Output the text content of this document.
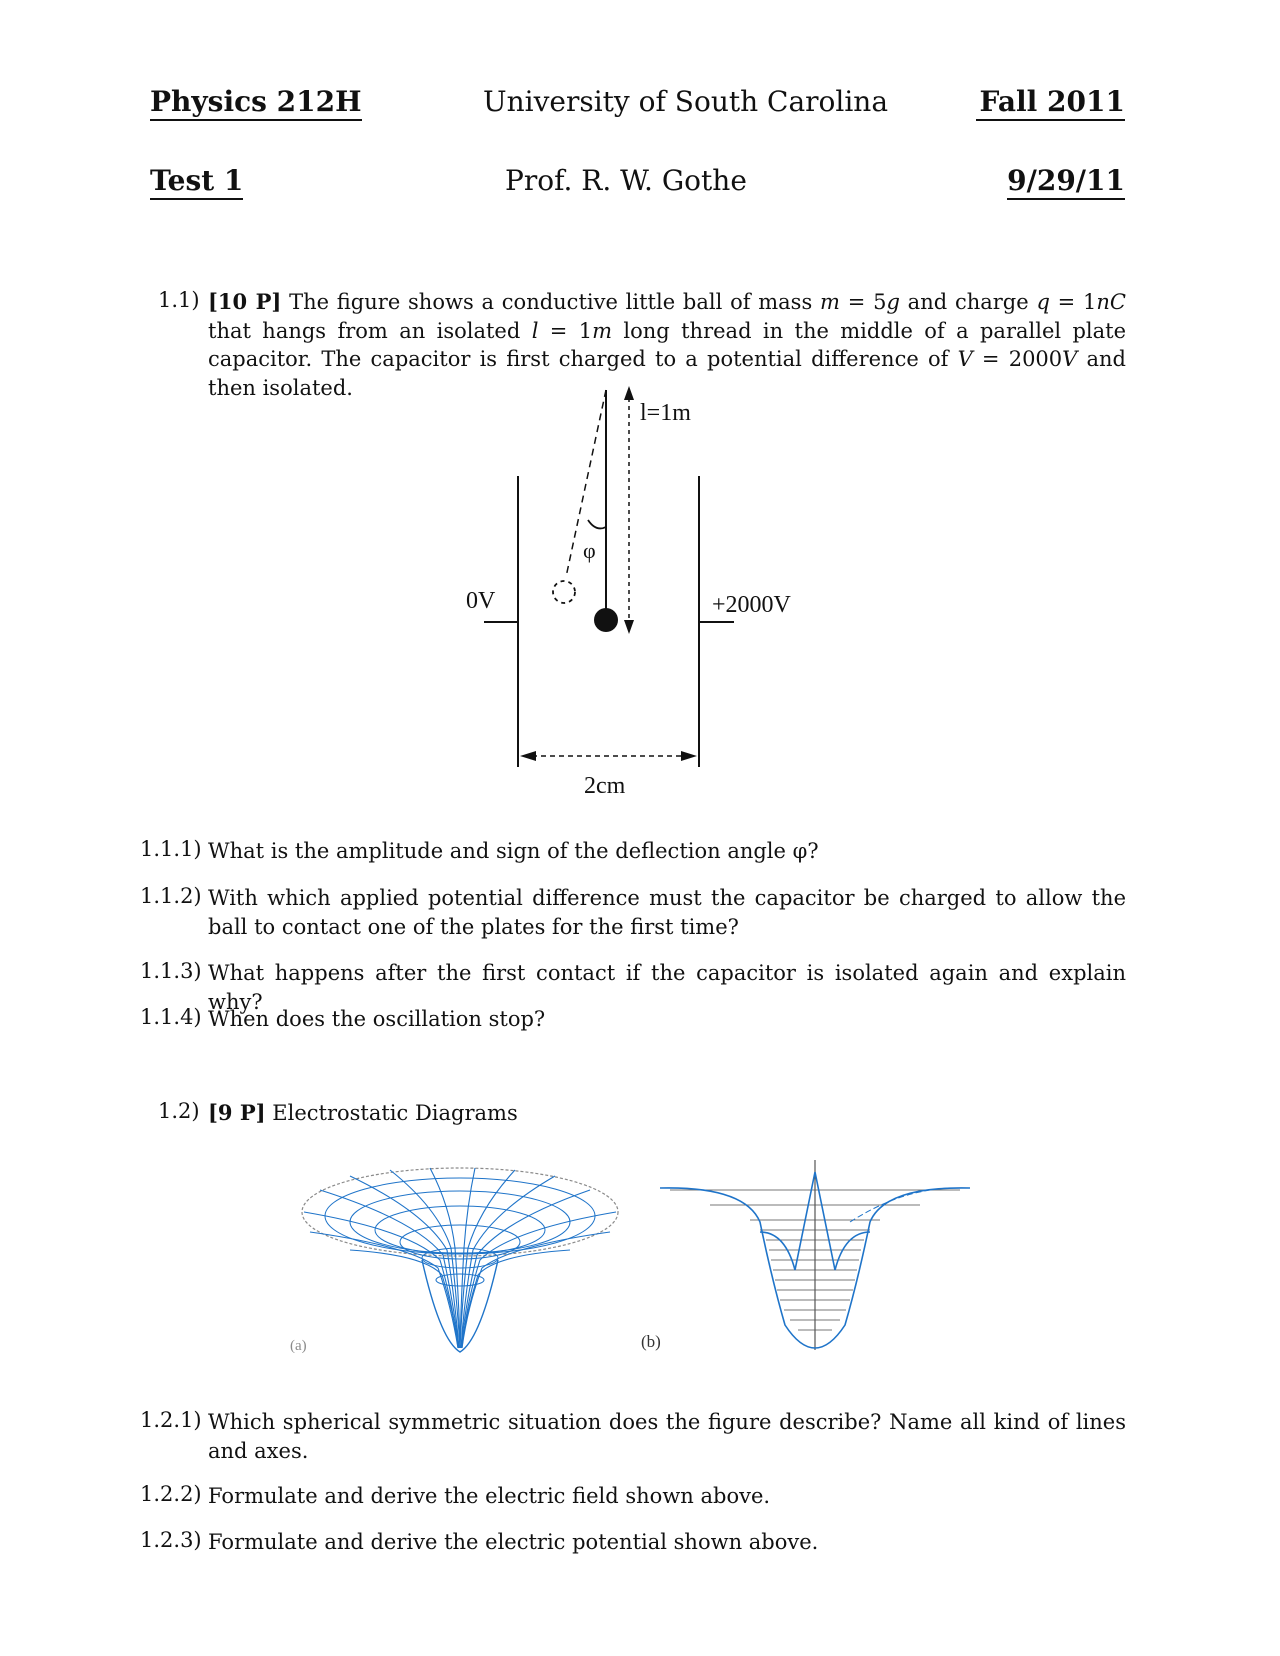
Physics 212H	University of South Carolina	Fall 2011
Test 1	Prof. R. W. Gothe	9/29/11
1.1) [10 P] The figure shows a conductive little ball of mass m = 5g and charge q = 1nC that hangs from an isolated l = 1m long thread in the middle of a parallel plate capacitor. The capacitor is first charged to a potential difference of V = 2000V and then isolated.
0V	+2000V
φ
l=1m
2cm
1.1.1) What is the amplitude and sign of the deflection angle φ?
1.1.2) With which applied potential difference must the capacitor be charged to allow the ball to contact one of the plates for the first time?
1.1.3) What happens after the first contact if the capacitor is isolated again and explain why?
1.1.4) When does the oscillation stop?
1.2) [9 P] Electrostatic Diagrams
(a)	(b)
1.2.1) Which spherical symmetric situation does the figure describe? Name all kind of lines and axes.
1.2.2) Formulate and derive the electric field shown above.
1.2.3) Formulate and derive the electric potential shown above.
